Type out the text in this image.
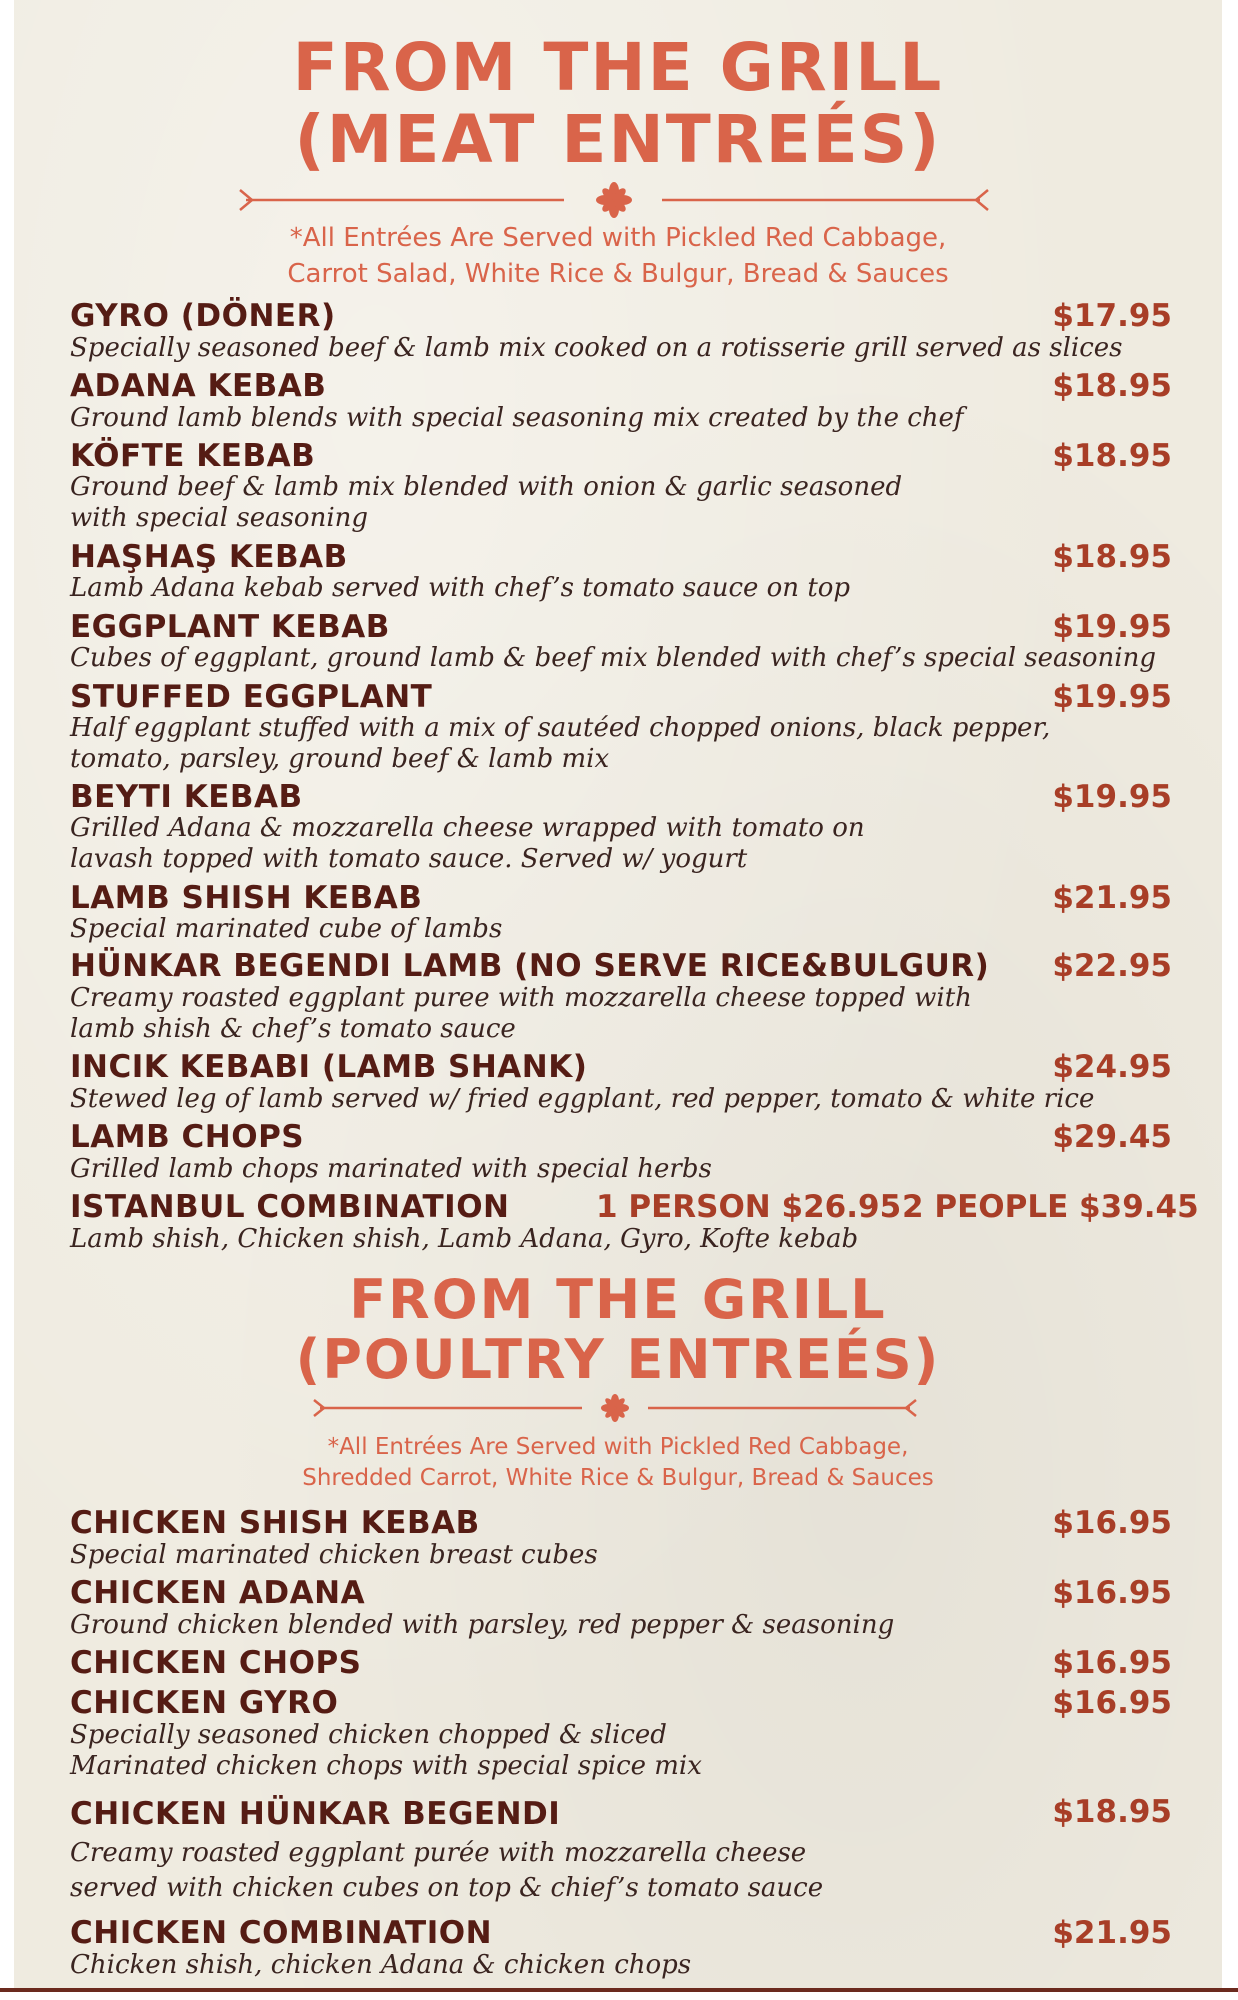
FROM THE GRILL
(MEAT ENTREÉS)

*All Entrées Are Served with Pickled Red Cabbage,

Carrot Salad, White Rice & Bulgur, Bread & Sauces

GYRO (DÖNER)	$17.95
Specially seasoned beef & lamb mix cooked on a rotisserie grill served as slices
ADANA KEBAB	$18.95
Ground lamb blends with special seasoning mix created by the chef
KÖFTE KEBAB	$18.95
Ground beef & lamb mix blended with onion & garlic seasoned
with special seasoning
HAŞHAŞ KEBAB	$18.95
Lamb Adana kebab served with chef’s tomato sauce on top
EGGPLANT KEBAB	$19.95
Cubes of eggplant, ground lamb & beef mix blended with chef’s special seasoning
STUFFED EGGPLANT	$19.95
Half eggplant stuffed with a mix of sautéed chopped onions, black pepper,
tomato, parsley, ground beef & lamb mix
BEYTI KEBAB	$19.95
Grilled Adana & mozzarella cheese wrapped with tomato on
lavash topped with tomato sauce. Served w/ yogurt
LAMB SHISH KEBAB	$21.95
Special marinated cube of lambs
HÜNKAR BEGENDI LAMB (NO SERVE RICE&BULGUR) $22.95
Creamy roasted eggplant puree with mozzarella cheese topped with
lamb shish & chef’s tomato sauce
INCIK KEBABI (LAMB SHANK)	$24.95
Stewed leg of lamb served w/ fried eggplant, red pepper, tomato & white rice
LAMB CHOPS	$29.45
Grilled lamb chops marinated with special herbs
ISTANBUL COMBINATION	1 PERSON $26.95 2 PEOPLE $39.45
Lamb shish, Chicken shish, Lamb Adana, Gyro, Kofte kebab
FROM THE GRILL
(POULTRY ENTREÉS)

*All Entrées Are Served with Pickled Red Cabbage,

Shredded Carrot, White Rice & Bulgur, Bread & Sauces

CHICKEN SHISH KEBAB	$16.95
Special marinated chicken breast cubes
CHICKEN ADANA	$16.95
Ground chicken blended with parsley, red pepper & seasoning
CHICKEN CHOPS	$16.95
CHICKEN GYRO	$16.95
Specially seasoned chicken chopped & sliced
Marinated chicken chops with special spice mix
CHICKEN HÜNKAR BEGENDI	$18.95
Creamy roasted eggplant purée with mozzarella cheese
served with chicken cubes on top & chief’s tomato sauce
CHICKEN COMBINATION	$21.95
Chicken shish, chicken Adana & chicken chops
